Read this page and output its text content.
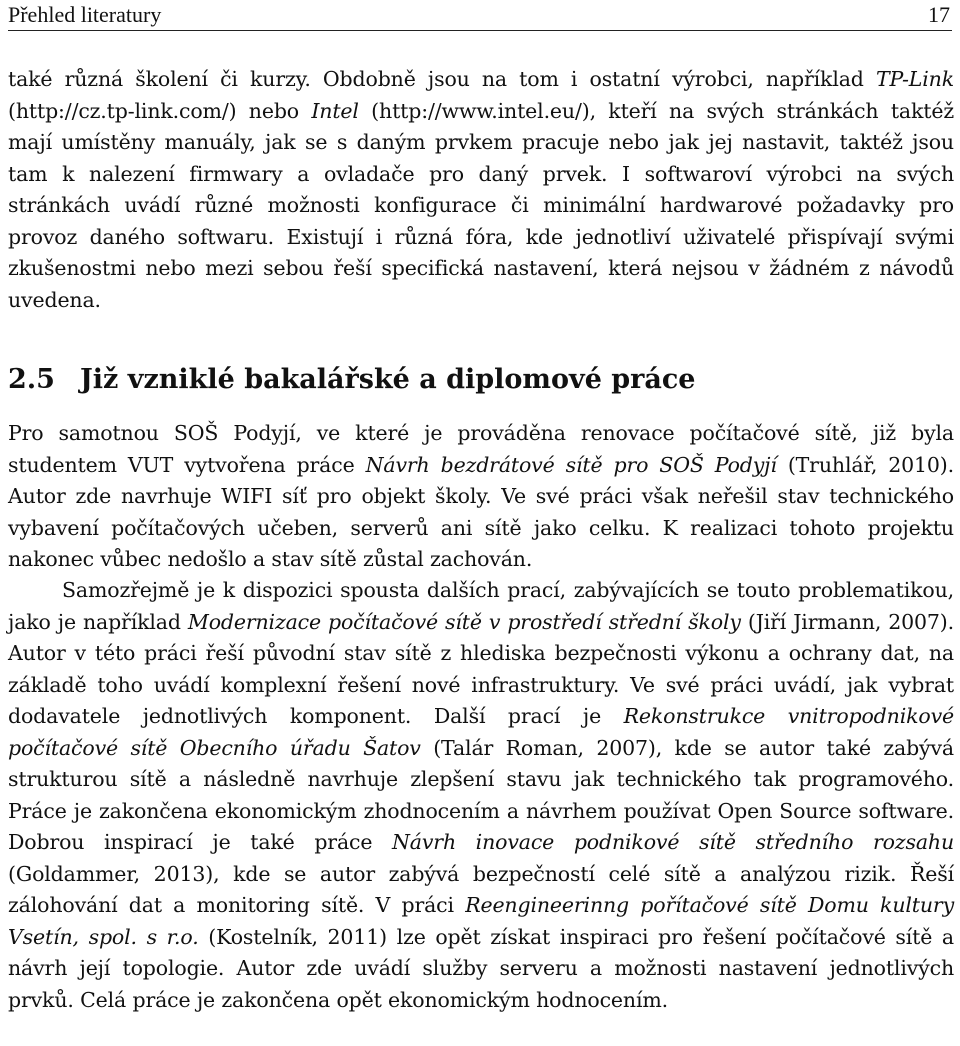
Přehled literatury	17

také různá školení či kurzy. Obdobně jsou na tom i ostatní výrobci, například TP-Link (http://cz.tp-link.com/) nebo Intel (http://www.intel.eu/), kteří na svých stránkách taktéž mají umístěny manuály, jak se s daným prvkem pracuje nebo jak jej nastavit, taktéž jsou tam k nalezení firmwary a ovladače pro daný prvek. I softwaroví výrobci na svých stránkách uvádí různé možnosti konfigurace či minimální hardwarové požadavky pro provoz daného softwaru. Existují i různá fóra, kde jednotliví uživatelé přispívají svými zkušenostmi nebo mezi sebou řeší specifická nastavení, která nejsou v žádném z návodů uvedena.

2.5 Již vzniklé bakalářské a diplomové práce

Pro samotnou SOŠ Podyjí, ve které je prováděna renovace počítačové sítě, již byla studentem VUT vytvořena práce Návrh bezdrátové sítě pro SOŠ Podyjí (Truhlář, 2010). Autor zde navrhuje WIFI síť pro objekt školy. Ve své práci však neřešil stav technického vybavení počítačových učeben, serverů ani sítě jako celku. K realizaci tohoto projektu nakonec vůbec nedošlo a stav sítě zůstal zachován.

Samozřejmě je k dispozici spousta dalších prací, zabývajících se touto problematikou, jako je například Modernizace počítačové sítě v prostředí střední školy (Jiří Jirmann, 2007). Autor v této práci řeší původní stav sítě z hlediska bezpečnosti výkonu a ochrany dat, na základě toho uvádí komplexní řešení nové infrastruktury. Ve své práci uvádí, jak vybrat dodavatele jednotlivých komponent. Další prací je Rekonstrukce vnitropodnikové počítačové sítě Obecního úřadu Šatov (Talár Roman, 2007), kde se autor také zabývá strukturou sítě a následně navrhuje zlepšení stavu jak technického tak programového. Práce je zakončena ekonomickým zhodnocením a návrhem používat Open Source software. Dobrou inspirací je také práce Návrh inovace podnikové sítě středního rozsahu (Goldammer, 2013), kde se autor zabývá bezpečností celé sítě a analýzou rizik. Řeší zálohování dat a monitoring sítě. V práci Reengineerinng pořítačové sítě Domu kultury Vsetín, spol. s r.o. (Kostelník, 2011) lze opět získat inspiraci pro řešení počítačové sítě a návrh její topologie. Autor zde uvádí služby serveru a možnosti nastavení jednotlivých prvků. Celá práce je zakončena opět ekonomickým hodnocením.
